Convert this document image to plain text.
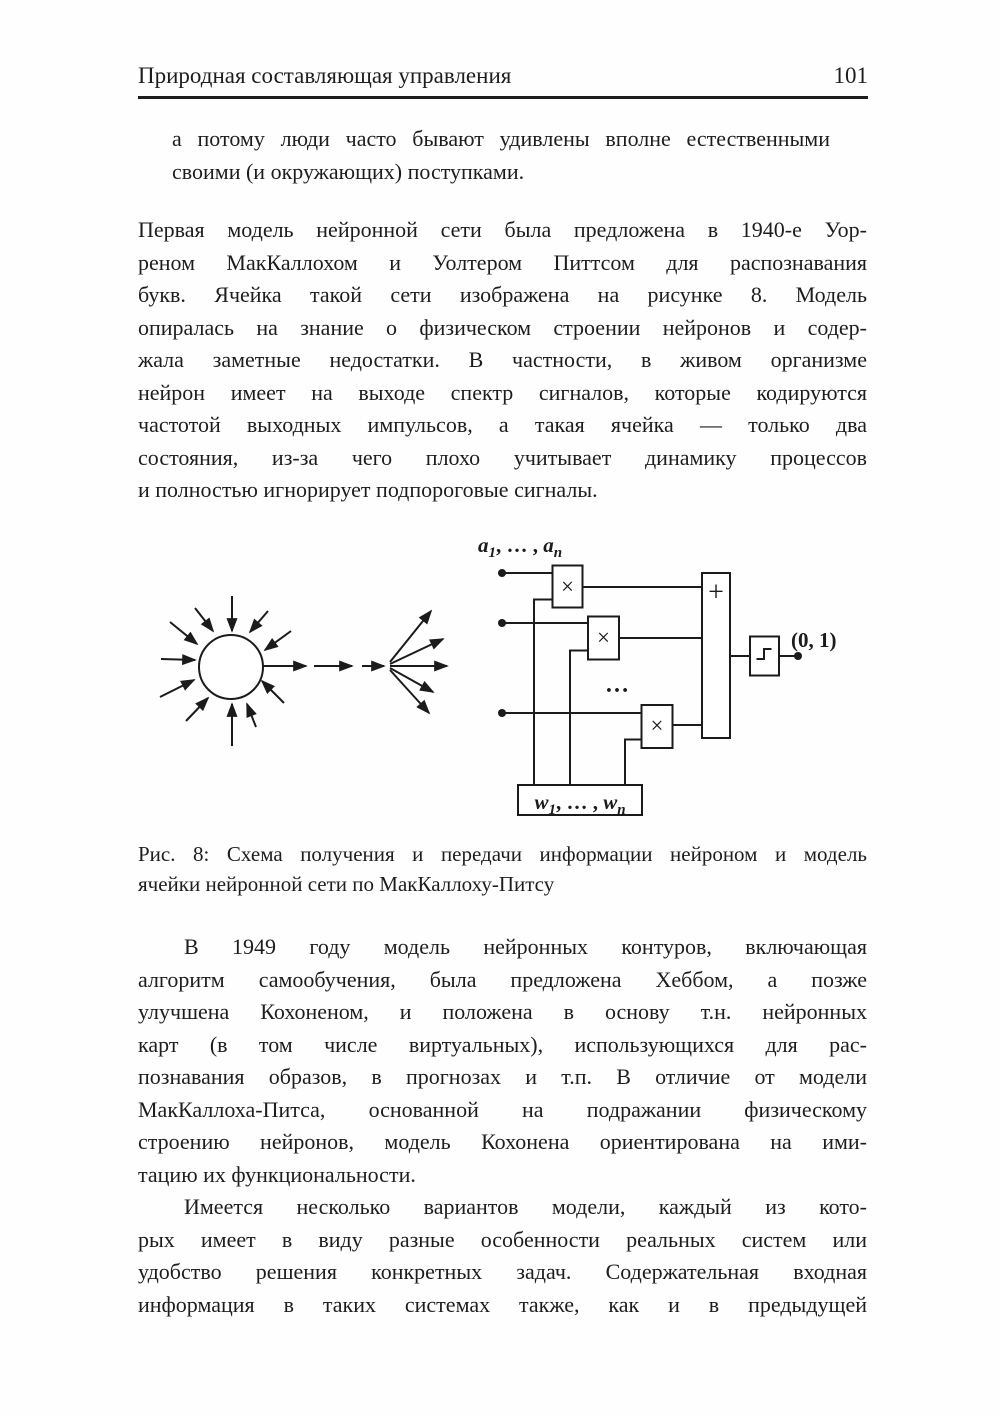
Природная составляющая управления	101
а потому люди часто бывают удивлены вполне естественными
своими (и окружающих) поступками.
Первая модель нейронной сети была предложена в 1940-е Уор-
реном МакКаллохом и Уолтером Питтсом для распознавания
букв. Ячейка такой сети изображена на рисунке 8. Модель
опиралась на знание о физическом строении нейронов и содер-
жала заметные недостатки. В частности, в живом организме
нейрон имеет на выходе спектр сигналов, которые кодируются
частотой выходных импульсов, а такая ячейка — только два
состояния, из-за чего плохо учитывает динамику процессов
и полностью игнорирует подпороговые сигналы.
×
×
×
…
+
$a_1$, … , $a_n$
$w_1$, … , $w_n$
(0, 1)
Рис. 8: Схема получения и передачи информации нейроном и модель
ячейки нейронной сети по МакКаллоху-Питсу
В 1949 году модель нейронных контуров, включающая
алгоритм самообучения, была предложена Хеббом, а позже
улучшена Кохоненом, и положена в основу т.н. нейронных
карт (в том числе виртуальных), использующихся для рас-
познавания образов, в прогнозах и т.п. В отличие от модели
МакКаллоха-Питса, основанной на подражании физическому
строению нейронов, модель Кохонена ориентирована на ими-
тацию их функциональности.
Имеется несколько вариантов модели, каждый из кото-
рых имеет в виду разные особенности реальных систем или
удобство решения конкретных задач. Содержательная входная
информация в таких системах также, как и в предыдущей
